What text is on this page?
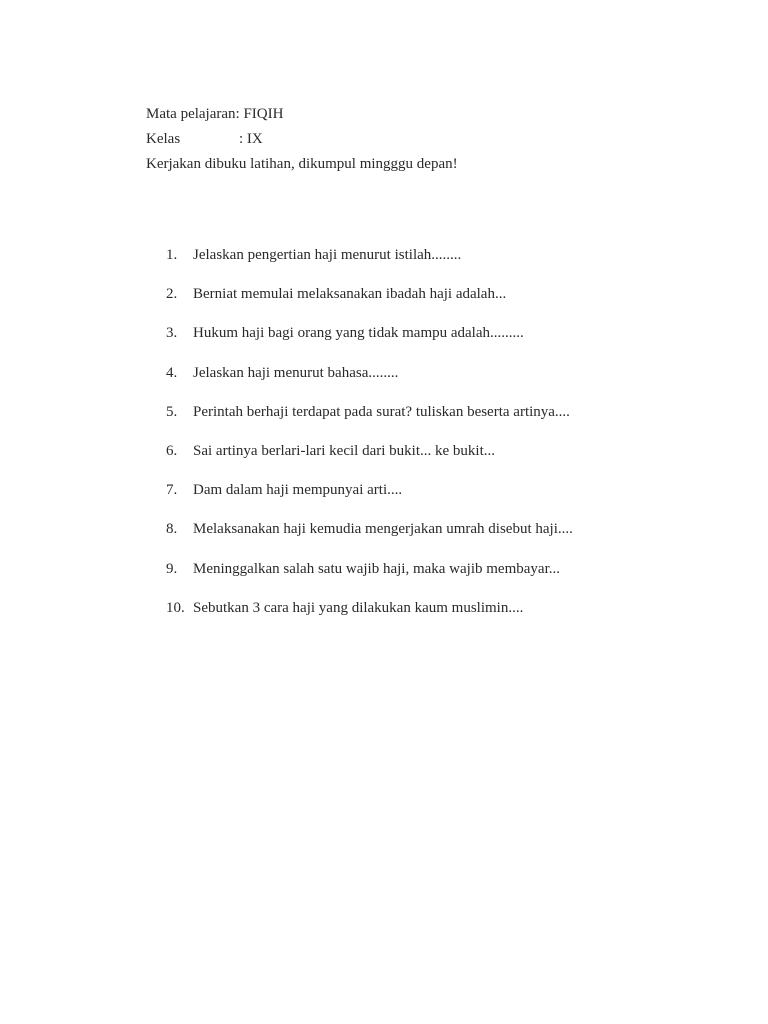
Mata pelajaran: FIQIH
Kelas	: IX
Kerjakan dibuku latihan, dikumpul mingggu depan!
1.	Jelaskan pengertian haji menurut istilah........
2.	Berniat memulai melaksanakan ibadah haji adalah...
3.	Hukum haji bagi orang yang tidak mampu adalah.........
4.	Jelaskan haji menurut bahasa........
5.	Perintah berhaji terdapat pada surat? tuliskan beserta artinya....
6.	Sai artinya berlari-lari kecil dari bukit... ke bukit...
7.	Dam dalam haji mempunyai arti....
8.	Melaksanakan haji kemudia mengerjakan umrah disebut haji....
9.	Meninggalkan salah satu wajib haji, maka wajib membayar...
10. Sebutkan 3 cara haji yang dilakukan kaum muslimin....
